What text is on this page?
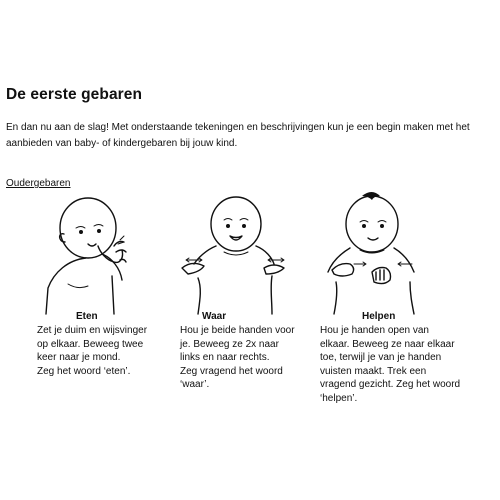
De eerste gebaren

En dan nu aan de slag! Met onderstaande tekeningen en beschrijvingen kun je een begin maken met het aanbieden van baby- of kindergebaren bij jouw kind.

Oudergebaren

Eten
Zet je duim en wijsvinger
op elkaar. Beweeg twee
keer naar je mond.
Zeg het woord ‘eten’.
Waar
Hou je beide handen voor
je. Beweeg ze 2x naar
links en naar rechts.
Zeg vragend het woord
‘waar’.
Helpen
Hou je handen open van
elkaar. Beweeg ze naar elkaar
toe, terwijl je van je handen
vuisten maakt. Trek een
vragend gezicht. Zeg het woord
‘helpen’.
